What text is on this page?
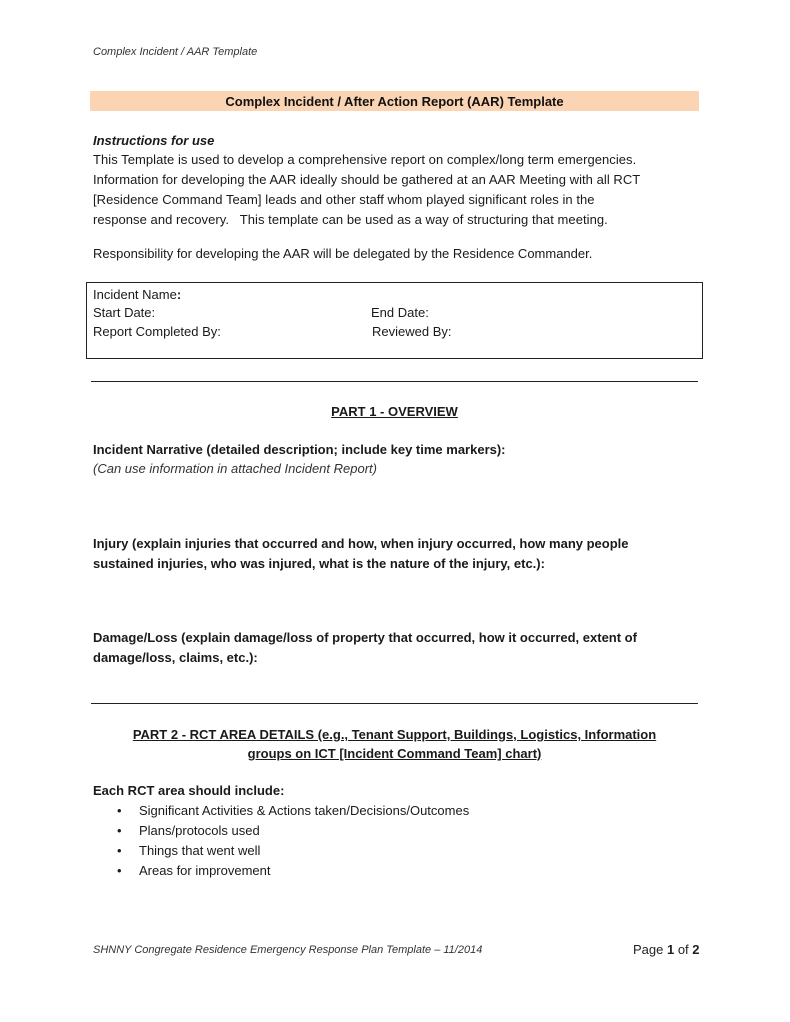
Complex Incident / AAR Template
Complex Incident / After Action Report (AAR) Template
Instructions for use
This Template is used to develop a comprehensive report on complex/long term emergencies.
Information for developing the AAR ideally should be gathered at an AAR Meeting with all RCT
[Residence Command Team] leads and other staff whom played significant roles in the
response and recovery.   This template can be used as a way of structuring that meeting.
Responsibility for developing the AAR will be delegated by the Residence Commander.
Incident Name:
Start Date:	End Date:
Report Completed By:	Reviewed By:
PART 1 - OVERVIEW
Incident Narrative (detailed description; include key time markers):
(Can use information in attached Incident Report)
Injury (explain injuries that occurred and how, when injury occurred, how many people
sustained injuries, who was injured, what is the nature of the injury, etc.):
Damage/Loss (explain damage/loss of property that occurred, how it occurred, extent of
damage/loss, claims, etc.):
PART 2 - RCT AREA DETAILS (e.g., Tenant Support, Buildings, Logistics, Information
groups on ICT [Incident Command Team] chart)
Each RCT area should include:
• Significant Activities & Actions taken/Decisions/Outcomes
• Plans/protocols used
• Things that went well
• Areas for improvement
SHNNY Congregate Residence Emergency Response Plan Template – 11/2014	Page 1 of 2
